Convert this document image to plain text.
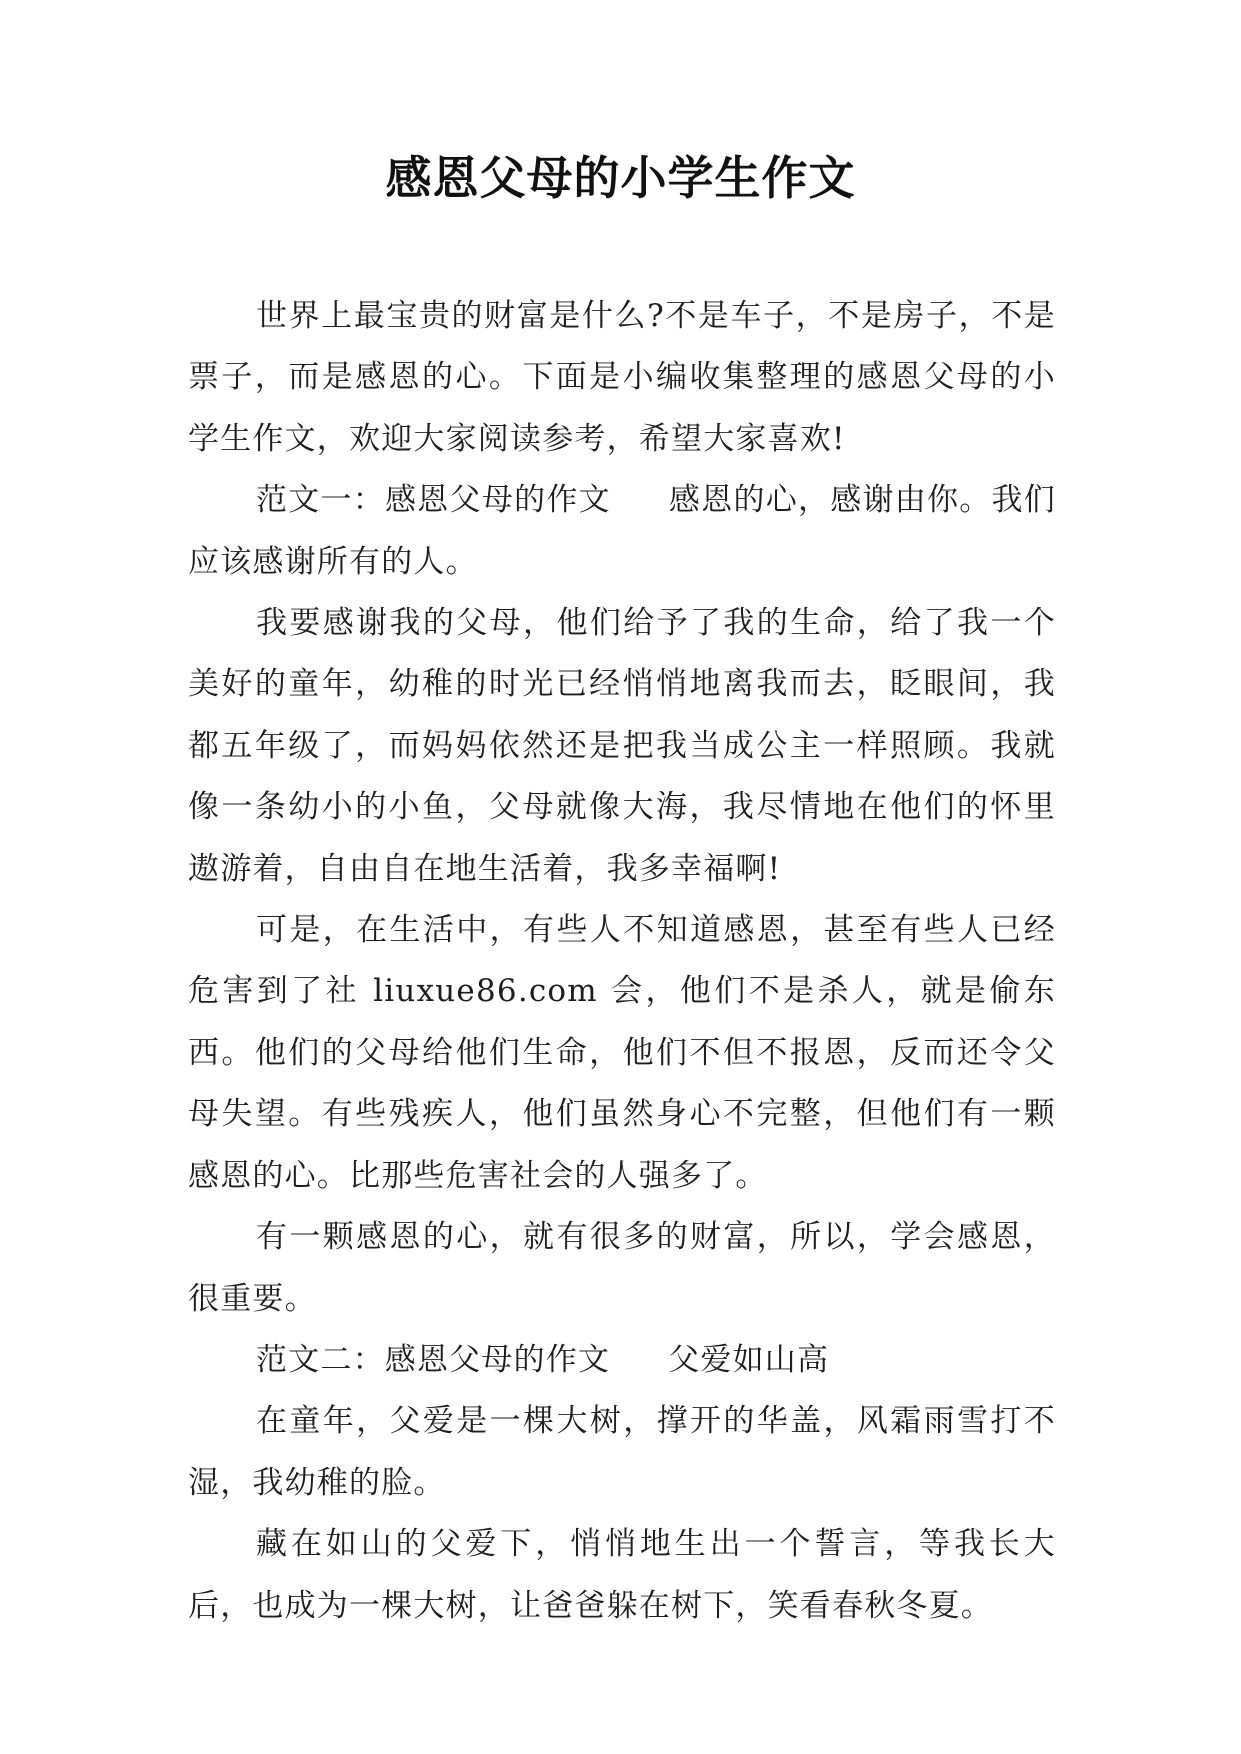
感恩父母的小学生作文

世界上最宝贵的财富是什么?不是车子，不是房子，不是票子，而是感恩的心。下面是小编收集整理的感恩父母的小学生作文，欢迎大家阅读参考，希望大家喜欢!

范文一：感恩父母的作文 感恩的心，感谢由你。我们应该感谢所有的人。

我要感谢我的父母，他们给予了我的生命，给了我一个美好的童年，幼稚的时光已经悄悄地离我而去，眨眼间，我都五年级了，而妈妈依然还是把我当成公主一样照顾。我就像一条幼小的小鱼，父母就像大海，我尽情地在他们的怀里遨游着，自由自在地生活着，我多幸福啊!

可是，在生活中，有些人不知道感恩，甚至有些人已经危害到了社 liuxue86.com 会，他们不是杀人，就是偷东西。他们的父母给他们生命，他们不但不报恩，反而还令父母失望。有些残疾人，他们虽然身心不完整，但他们有一颗感恩的心。比那些危害社会的人强多了。

有一颗感恩的心，就有很多的财富，所以，学会感恩，很重要。

范文二：感恩父母的作文 父爱如山高

在童年，父爱是一棵大树，撑开的华盖，风霜雨雪打不湿，我幼稚的脸。

藏在如山的父爱下，悄悄地生出一个誓言，等我长大后，也成为一棵大树，让爸爸躲在树下，笑看春秋冬夏。
